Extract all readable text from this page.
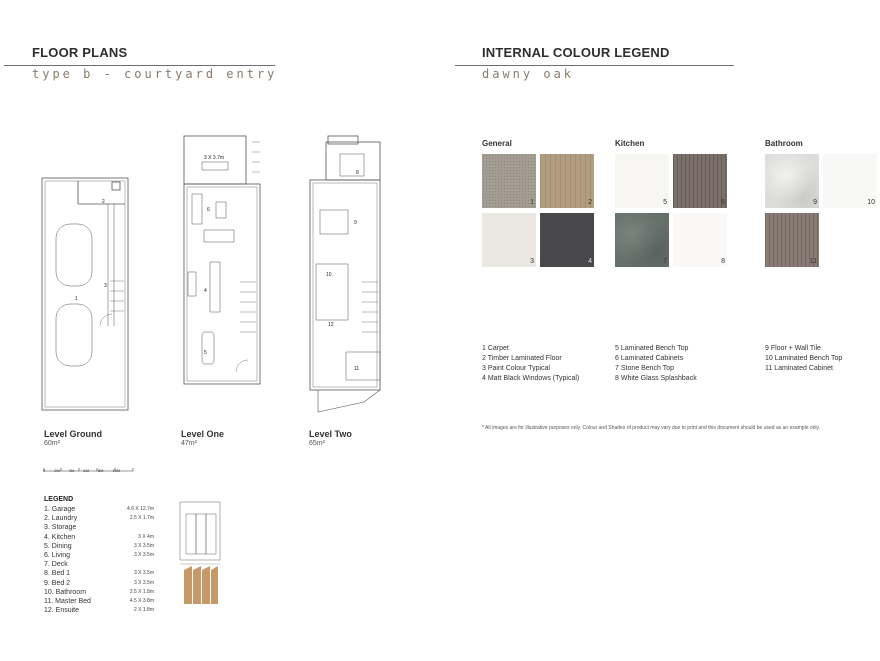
FLOOR PLANS
type b - courtyard entry
2
3
1
3 X 3.7m
6
4
5
8
9
10
12
11
Level Ground
60m²
Level One
47m²
Level Two
65m²
0 2M 4M 6M 8M 10M
LEGEND
1. Garage	4.6 X 12.7m
2. Laundry	2.5 X 1.7m
3. Storage
4. Kitchen	3 X 4m
5. Dining	3 X 3.5m
6. Living	3 X 3.5m
7. Deck
8. Bed 1	3 X 3.5m
9. Bed 2	3 X 3.5m
10. Bathroom	2.5 X 1.8m
11. Master Bed	4.5 X 3.8m
12. Ensuite	2 X 1.8m
INTERNAL COLOUR LEGEND
dawny oak
General	Kitchen	Bathroom
1	2
3	4
5	6
7	8
9	10
11
1 Carpet
2 Timber Laminated Floor
3 Paint Colour Typical
4 Matt Black Windows (Typical)
5 Laminated Bench Top
6 Laminated Cabinets
7 Stone Bench Top
8 White Glass Splashback
9 Floor + Wall Tile
10 Laminated Bench Top
11 Laminated Cabinet
* All images are for illustrative purposes only. Colour and Shades of product may vary due to print and this document should be used as an example only.
